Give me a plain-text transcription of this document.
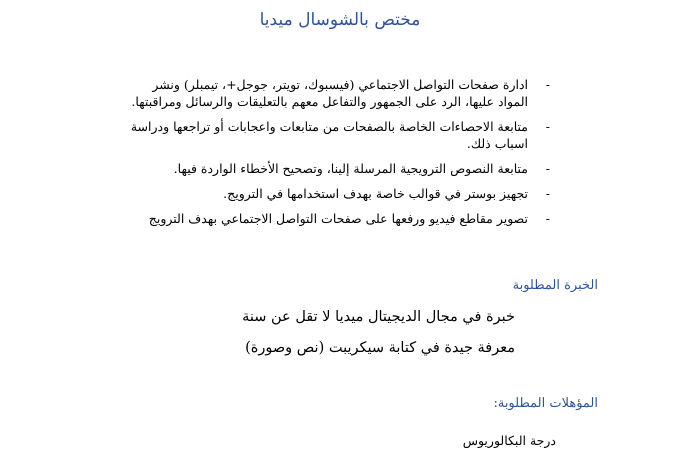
مختص بالشوسال ميديا
-
ادارة صفحات التواصل الاجتماعي (فيسبوك، تويتر، جوجل+، تيمبلر) ونشر المواد عليها، الرد على الجمهور والتفاعل معهم بالتعليقات والرسائل ومراقبتها.
-
متابعة الاحصاءات الخاصة بالصفحات من متابعات واعجابات أو تراجعها ودراسة اسباب ذلك.
-
متابعة النصوص الترويجية المرسلة إلينا، وتصحيح الأخطاء الواردة فيها.
-
تجهيز بوستر في قوالب خاصة بهدف استخدامها في الترويج.
-
تصوير مقاطع فيديو ورفعها على صفحات التواصل الاجتماعي بهدف الترويج
الخبرة المطلوبة
خبرة في مجال الديجيتال ميديا لا تقل عن سنة
معرفة جيدة في كتابة سيكريبت (نص وصورة)
المؤهلات المطلوبة:
درجة البكالوريوس
